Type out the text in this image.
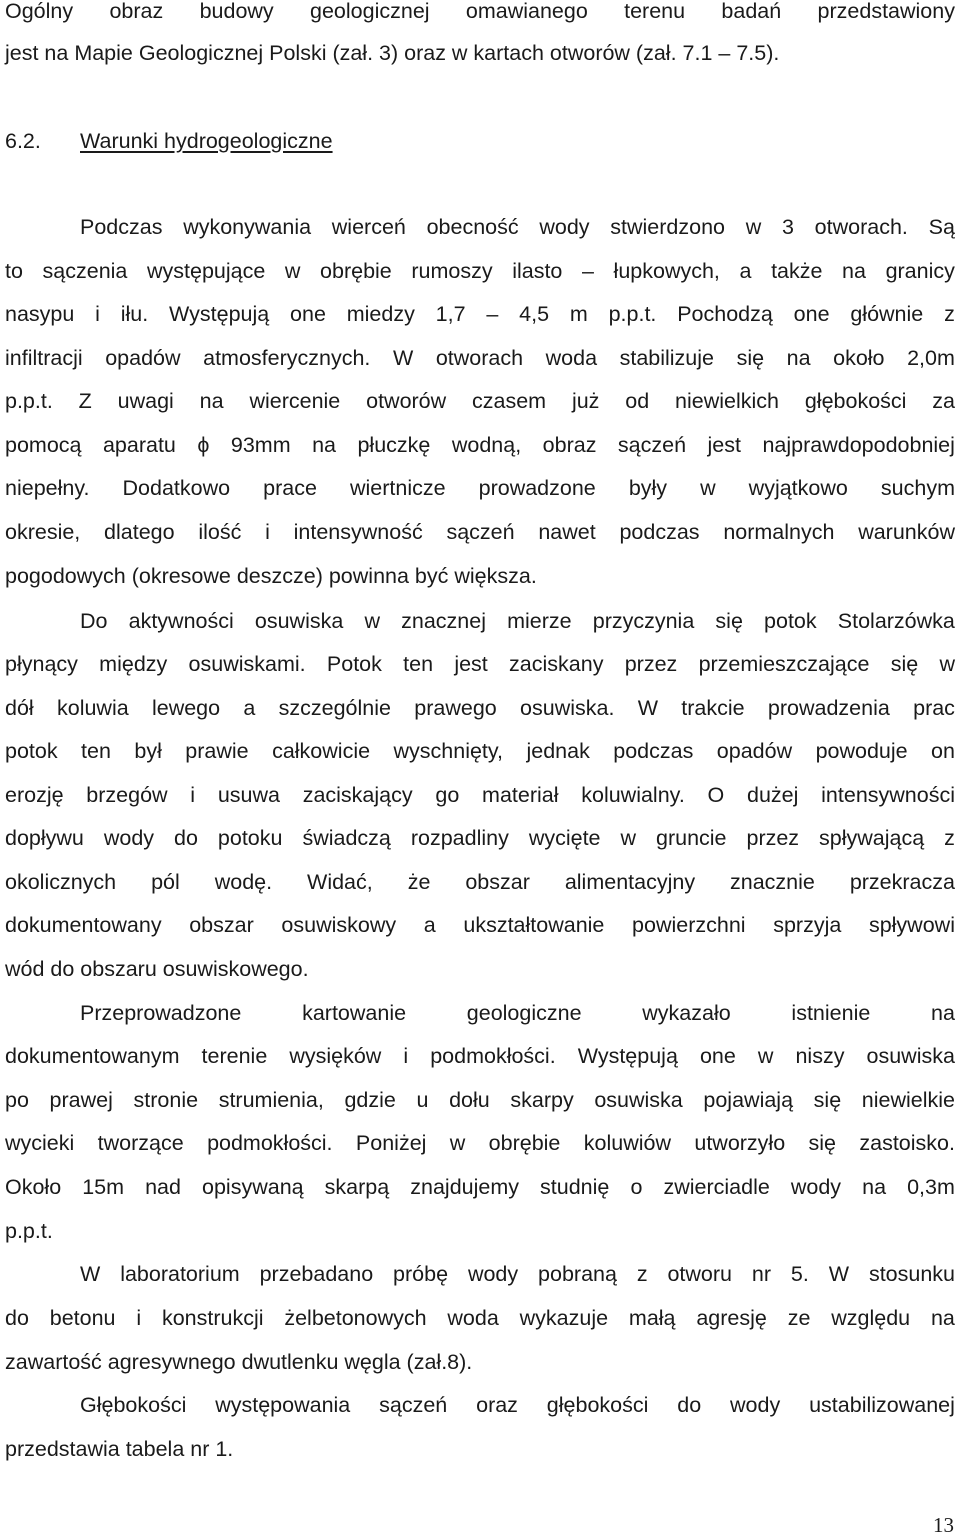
Ogólny obraz budowy geologicznej omawianego terenu badań przedstawiony
jest na Mapie Geologicznej Polski (zał. 3) oraz w kartach otworów (zał. 7.1 – 7.5).
6.2. Warunki hydrogeologiczne
Podczas wykonywania wierceń obecność wody stwierdzono w 3 otworach. Są
to sączenia występujące w obrębie rumoszy ilasto – łupkowych, a także na granicy
nasypu i iłu. Występują one miedzy 1,7 – 4,5 m p.p.t. Pochodzą one głównie z
infiltracji opadów atmosferycznych. W otworach woda stabilizuje się na około 2,0m
p.p.t. Z uwagi na wiercenie otworów czasem już od niewielkich głębokości za
pomocą aparatu ϕ 93mm na płuczkę wodną, obraz sączeń jest najprawdopodobniej
niepełny. Dodatkowo prace wiertnicze prowadzone były w wyjątkowo suchym
okresie, dlatego ilość i intensywność sączeń nawet podczas normalnych warunków
pogodowych (okresowe deszcze) powinna być większa.
Do aktywności osuwiska w znacznej mierze przyczynia się potok Stolarzówka
płynący między osuwiskami. Potok ten jest zaciskany przez przemieszczające się w
dół koluwia lewego a szczególnie prawego osuwiska. W trakcie prowadzenia prac
potok ten był prawie całkowicie wyschnięty, jednak podczas opadów powoduje on
erozję brzegów i usuwa zaciskający go materiał koluwialny. O dużej intensywności
dopływu wody do potoku świadczą rozpadliny wycięte w gruncie przez spływającą z
okolicznych pól wodę. Widać, że obszar alimentacyjny znacznie przekracza
dokumentowany obszar osuwiskowy a ukształtowanie powierzchni sprzyja spływowi
wód do obszaru osuwiskowego.
Przeprowadzone	kartowanie	geologiczne	wykazało	istnienie	na
dokumentowanym terenie wysięków i podmokłości. Występują one w niszy osuwiska
po prawej stronie strumienia, gdzie u dołu skarpy osuwiska pojawiają się niewielkie
wycieki tworzące podmokłości. Poniżej w obrębie koluwiów utworzyło się zastoisko.
Około 15m nad opisywaną skarpą znajdujemy studnię o zwierciadle wody na 0,3m
p.p.t.
W laboratorium przebadano próbę wody pobraną z otworu nr 5. W stosunku
do betonu i konstrukcji żelbetonowych woda wykazuje małą agresję ze względu na
zawartość agresywnego dwutlenku węgla (zał.8).
Głębokości występowania sączeń oraz głębokości do wody ustabilizowanej
przedstawia tabela nr 1.
13
